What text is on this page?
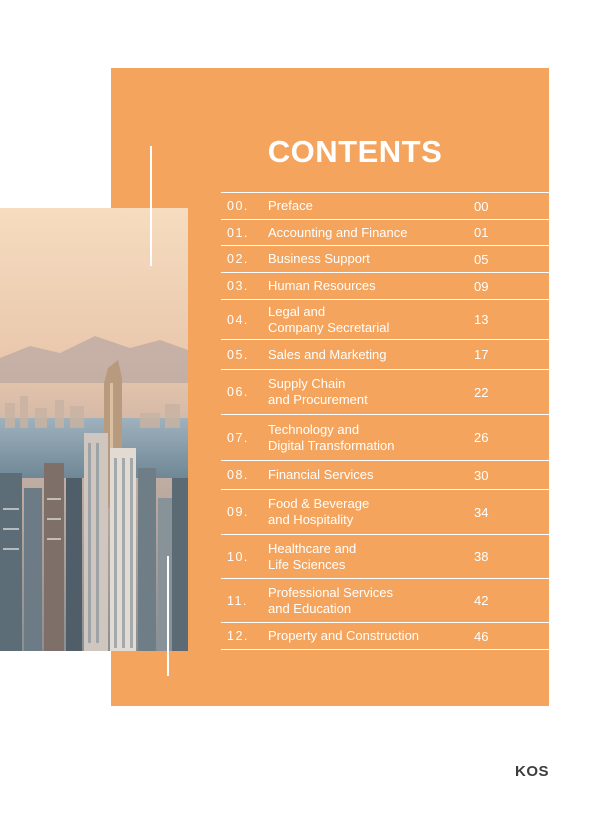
CONTENTS
00.	Preface	00
01.	Accounting and Finance	01
02.	Business Support	05
03.	Human Resources	09
04.
Legal and
Company Secretarial	13
05.	Sales and Marketing	17
06.
Supply Chain
and Procurement	22
07.
Technology and
Digital Transformation	26
08.	Financial Services	30
09.
Food & Beverage
and Hospitality	34
10.
Healthcare and
Life Sciences	38
11.
Professional Services
and Education	42
12.	Property and Construction	46
KOS
